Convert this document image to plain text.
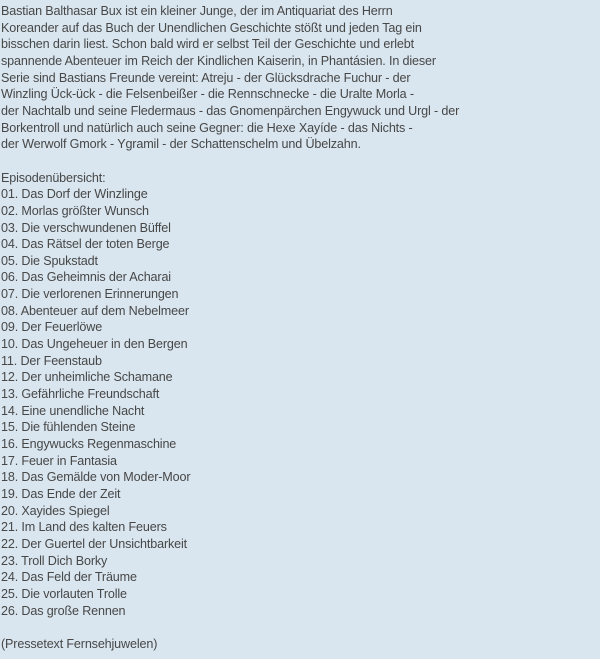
Bastian Balthasar Bux ist ein kleiner Junge, der im Antiquariat des Herrn
Koreander auf das Buch der Unendlichen Geschichte stößt und jeden Tag ein
bisschen darin liest. Schon bald wird er selbst Teil der Geschichte und erlebt
spannende Abenteuer im Reich der Kindlichen Kaiserin, in Phantásien. In dieser
Serie sind Bastians Freunde vereint: Atreju - der Glücksdrache Fuchur - der
Winzling Ück-ück - die Felsenbeißer - die Rennschnecke - die Uralte Morla -
der Nachtalb und seine Fledermaus - das Gnomenpärchen Engywuck und Urgl - der
Borkentroll und natürlich auch seine Gegner: die Hexe Xayíde - das Nichts -
der Werwolf Gmork - Ygramil - der Schattenschelm und Übelzahn.
Episodenübersicht:
01. Das Dorf der Winzlinge
02. Morlas größter Wunsch
03. Die verschwundenen Büffel
04. Das Rätsel der toten Berge
05. Die Spukstadt
06. Das Geheimnis der Acharai
07. Die verlorenen Erinnerungen
08. Abenteuer auf dem Nebelmeer
09. Der Feuerlöwe
10. Das Ungeheuer in den Bergen
11. Der Feenstaub
12. Der unheimliche Schamane
13. Gefährliche Freundschaft
14. Eine unendliche Nacht
15. Die fühlenden Steine
16. Engywucks Regenmaschine
17. Feuer in Fantasia
18. Das Gemälde von Moder-Moor
19. Das Ende der Zeit
20. Xayides Spiegel
21. Im Land des kalten Feuers
22. Der Guertel der Unsichtbarkeit
23. Troll Dich Borky
24. Das Feld der Träume
25. Die vorlauten Trolle
26. Das große Rennen
(Pressetext Fernsehjuwelen)
